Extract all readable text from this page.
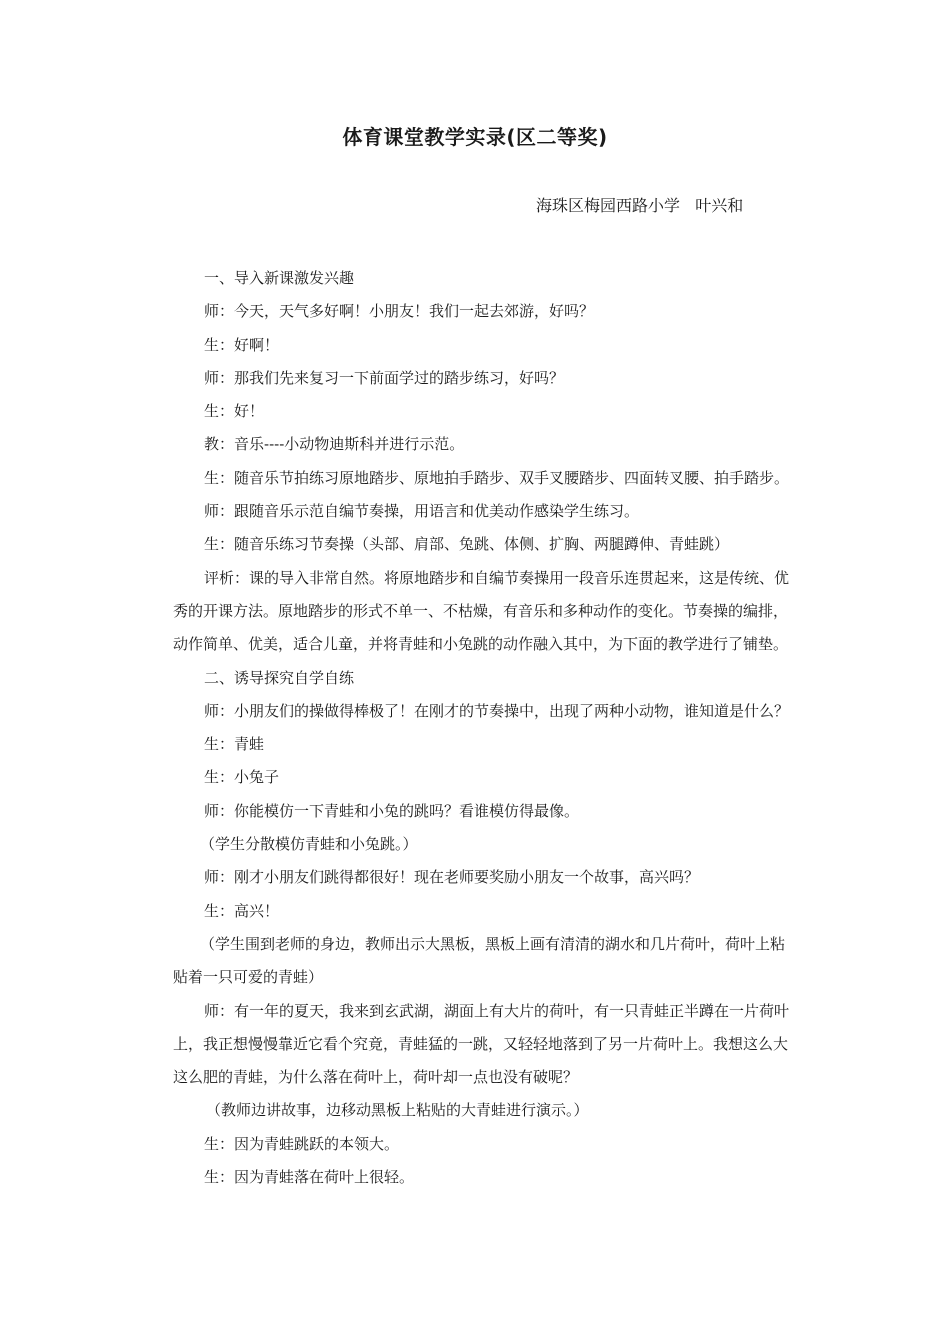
体育课堂教学实录(区二等奖)
海珠区梅园西路小学   叶兴和
一、导入新课激发兴趣
师：今天，天气多好啊！小朋友！我们一起去郊游，好吗？
生：好啊！
师：那我们先来复习一下前面学过的踏步练习，好吗？
生：好！
教：音乐----小动物迪斯科并进行示范。
生：随音乐节拍练习原地踏步、原地拍手踏步、双手叉腰踏步、四面转叉腰、拍手踏步。
师：跟随音乐示范自编节奏操，用语言和优美动作感染学生练习。
生：随音乐练习节奏操（头部、肩部、兔跳、体侧、扩胸、两腿蹲伸、青蛙跳）
评析：课的导入非常自然。将原地踏步和自编节奏操用一段音乐连贯起来，这是传统、优
秀的开课方法。原地踏步的形式不单一、不枯燥，有音乐和多种动作的变化。节奏操的编排，
动作简单、优美，适合儿童，并将青蛙和小兔跳的动作融入其中，为下面的教学进行了铺垫。
二、诱导探究自学自练
师：小朋友们的操做得棒极了！在刚才的节奏操中，出现了两种小动物，谁知道是什么？
生：青蛙
生：小兔子
师：你能模仿一下青蛙和小兔的跳吗？看谁模仿得最像。
（学生分散模仿青蛙和小兔跳。）
师：刚才小朋友们跳得都很好！现在老师要奖励小朋友一个故事，高兴吗？
生：高兴！
（学生围到老师的身边，教师出示大黑板，黑板上画有清清的湖水和几片荷叶，荷叶上粘
贴着一只可爱的青蛙）
师：有一年的夏天，我来到玄武湖，湖面上有大片的荷叶，有一只青蛙正半蹲在一片荷叶
上，我正想慢慢靠近它看个究竟，青蛙猛的一跳，又轻轻地落到了另一片荷叶上。我想这么大
这么肥的青蛙，为什么落在荷叶上，荷叶却一点也没有破呢？
（教师边讲故事，边移动黑板上粘贴的大青蛙进行演示。）
生：因为青蛙跳跃的本领大。
生：因为青蛙落在荷叶上很轻。
